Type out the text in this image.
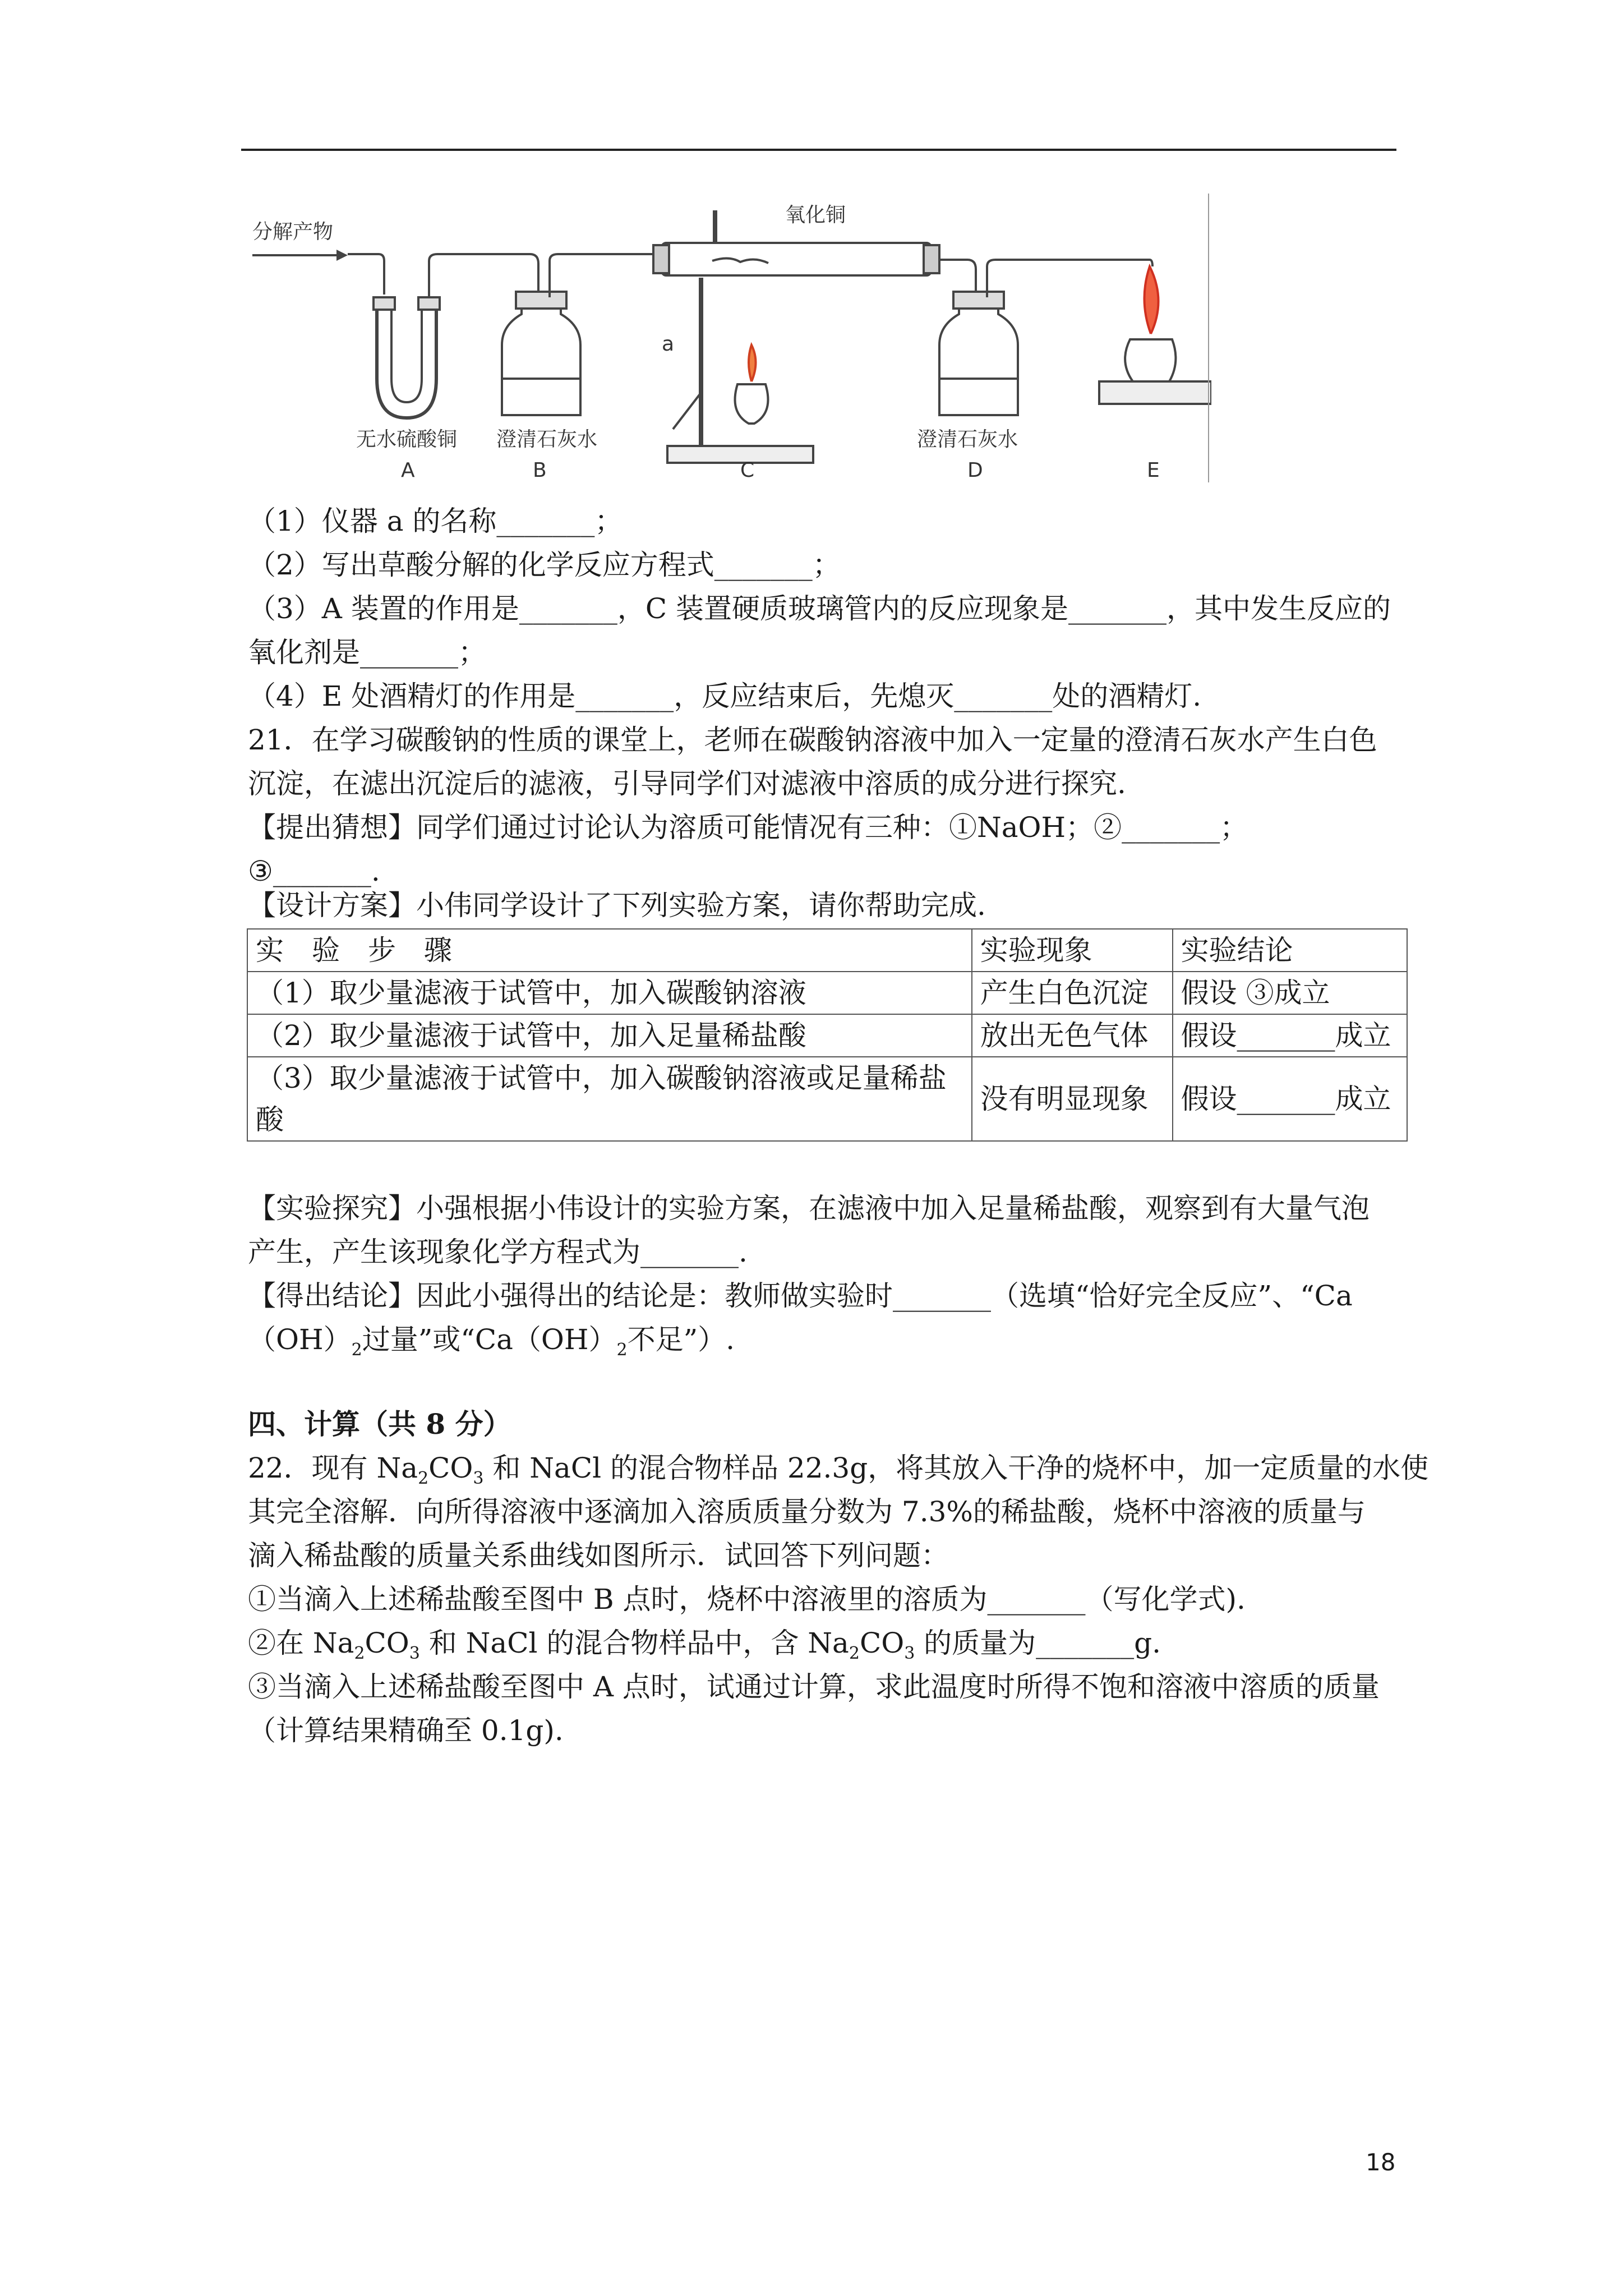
分解产物
氧化铜
a
无水硫酸铜 澄清石灰水	澄清石灰水
A	B	C	D	E
（1）仪器 a 的名称_______；
（2）写出草酸分解的化学反应方程式_______；
（3）A 装置的作用是_______，C 装置硬质玻璃管内的反应现象是_______，其中发生反应的
氧化剂是_______；
（4）E 处酒精灯的作用是_______，反应结束后，先熄灭_______处的酒精灯.
21．在学习碳酸钠的性质的课堂上，老师在碳酸钠溶液中加入一定量的澄清石灰水产生白色
沉淀，在滤出沉淀后的滤液，引导同学们对滤液中溶质的成分进行探究.
【提出猜想】同学们通过讨论认为溶质可能情况有三种：①NaOH；②_______；
③_______.
【设计方案】小伟同学设计了下列实验方案，请你帮助完成.
实　验　步　骤	实验现象	实验结论
（1）取少量滤液于试管中，加入碳酸钠溶液	产生白色沉淀	假设 ③成立
（2）取少量滤液于试管中，加入足量稀盐酸	放出无色气体	假设_______成立
（3）取少量滤液于试管中，加入碳酸钠溶液或足量稀盐酸	没有明显现象	假设_______成立
【实验探究】小强根据小伟设计的实验方案，在滤液中加入足量稀盐酸，观察到有大量气泡
产生，产生该现象化学方程式为_______.
【得出结论】因此小强得出的结论是：教师做实验时_______（选填“恰好完全反应”、“Ca
$(OH)_2$过量”或“$Ca(OH)_2$不足”）.
四、计算（共 8 分）
22．现有 $Na_2CO_3$ 和 NaCl 的混合物样品 22.3g，将其放入干净的烧杯中，加一定质量的水使
其完全溶解．向所得溶液中逐滴加入溶质质量分数为 7.3%的稀盐酸，烧杯中溶液的质量与
滴入稀盐酸的质量关系曲线如图所示．试回答下列问题：
①当滴入上述稀盐酸至图中 B 点时，烧杯中溶液里的溶质为_______（写化学式).
②在 $Na_2CO_3$ 和 NaCl 的混合物样品中，含 $Na_2CO_3$ 的质量为_______g.
③当滴入上述稀盐酸至图中 A 点时，试通过计算，求此温度时所得不饱和溶液中溶质的质量
（计算结果精确至 0.1g).
18
